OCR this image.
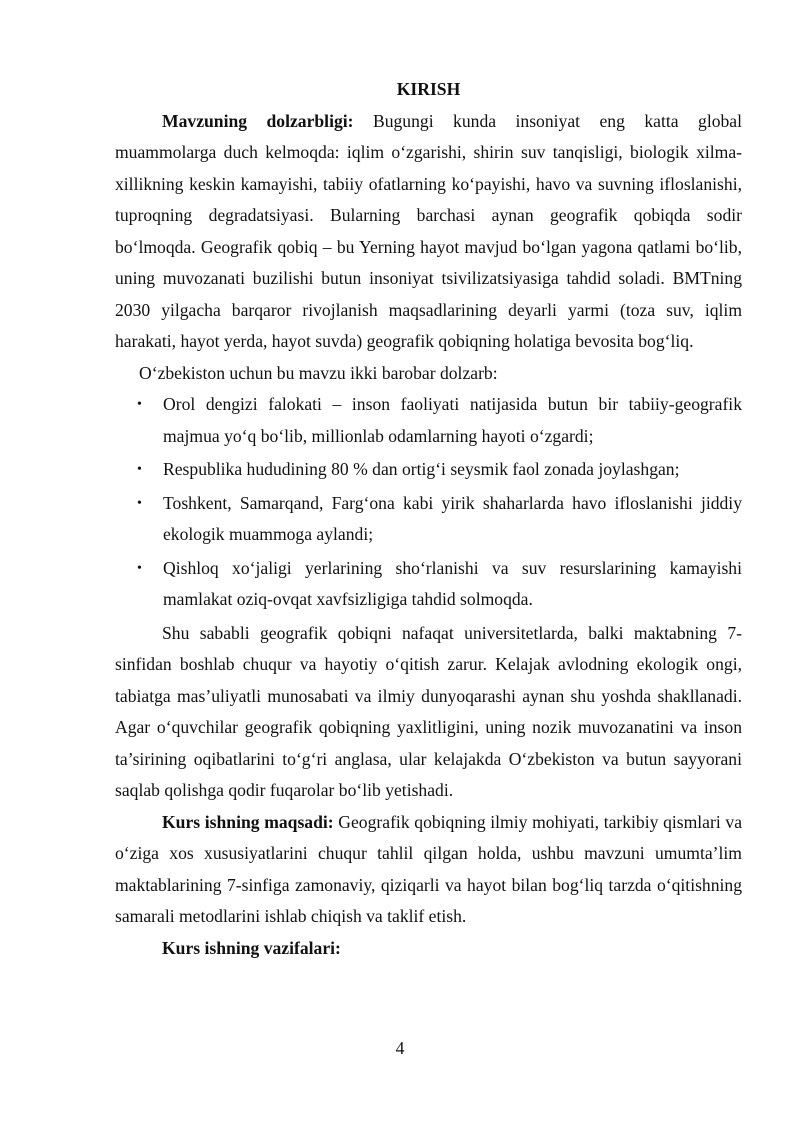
KIRISH

Mavzuning dolzarbligi: Bugungi kunda insoniyat eng katta global muammolarga duch kelmoqda: iqlim o‘zgarishi, shirin suv tanqisligi, biologik xilma-xillikning keskin kamayishi, tabiiy ofatlarning ko‘payishi, havo va suvning ifloslanishi, tuproqning degradatsiyasi. Bularning barchasi aynan geografik qobiqda sodir bo‘lmoqda. Geografik qobiq – bu Yerning hayot mavjud bo‘lgan yagona qatlami bo‘lib, uning muvozanati buzilishi butun insoniyat tsivilizatsiyasiga tahdid soladi. BMTning 2030 yilgacha barqaror rivojlanish maqsadlarining deyarli yarmi (toza suv, iqlim harakati, hayot yerda, hayot suvda) geografik qobiqning holatiga bevosita bog‘liq.

O‘zbekiston uchun bu mavzu ikki barobar dolzarb:

• Orol dengizi falokati – inson faoliyati natijasida butun bir tabiiy-geografik majmua yo‘q bo‘lib, millionlab odamlarning hayoti o‘zgardi;
• Respublika hududining 80 % dan ortig‘i seysmik faol zonada joylashgan;
• Toshkent, Samarqand, Farg‘ona kabi yirik shaharlarda havo ifloslanishi jiddiy ekologik muammoga aylandi;
• Qishloq xo‘jaligi yerlarining sho‘rlanishi va suv resurslarining kamayishi mamlakat oziq-ovqat xavfsizligiga tahdid solmoqda.

Shu sababli geografik qobiqni nafaqat universitetlarda, balki maktabning 7-sinfidan boshlab chuqur va hayotiy o‘qitish zarur. Kelajak avlodning ekologik ongi, tabiatga mas’uliyatli munosabati va ilmiy dunyoqarashi aynan shu yoshda shakllanadi. Agar o‘quvchilar geografik qobiqning yaxlitligini, uning nozik muvozanatini va inson ta’sirining oqibatlarini to‘g‘ri anglasa, ular kelajakda O‘zbekiston va butun sayyorani saqlab qolishga qodir fuqarolar bo‘lib yetishadi.

Kurs ishning maqsadi: Geografik qobiqning ilmiy mohiyati, tarkibiy qismlari va o‘ziga xos xususiyatlarini chuqur tahlil qilgan holda, ushbu mavzuni umumta’lim maktablarining 7-sinfiga zamonaviy, qiziqarli va hayot bilan bog‘liq tarzda o‘qitishning samarali metodlarini ishlab chiqish va taklif etish.

Kurs ishning vazifalari:

4
